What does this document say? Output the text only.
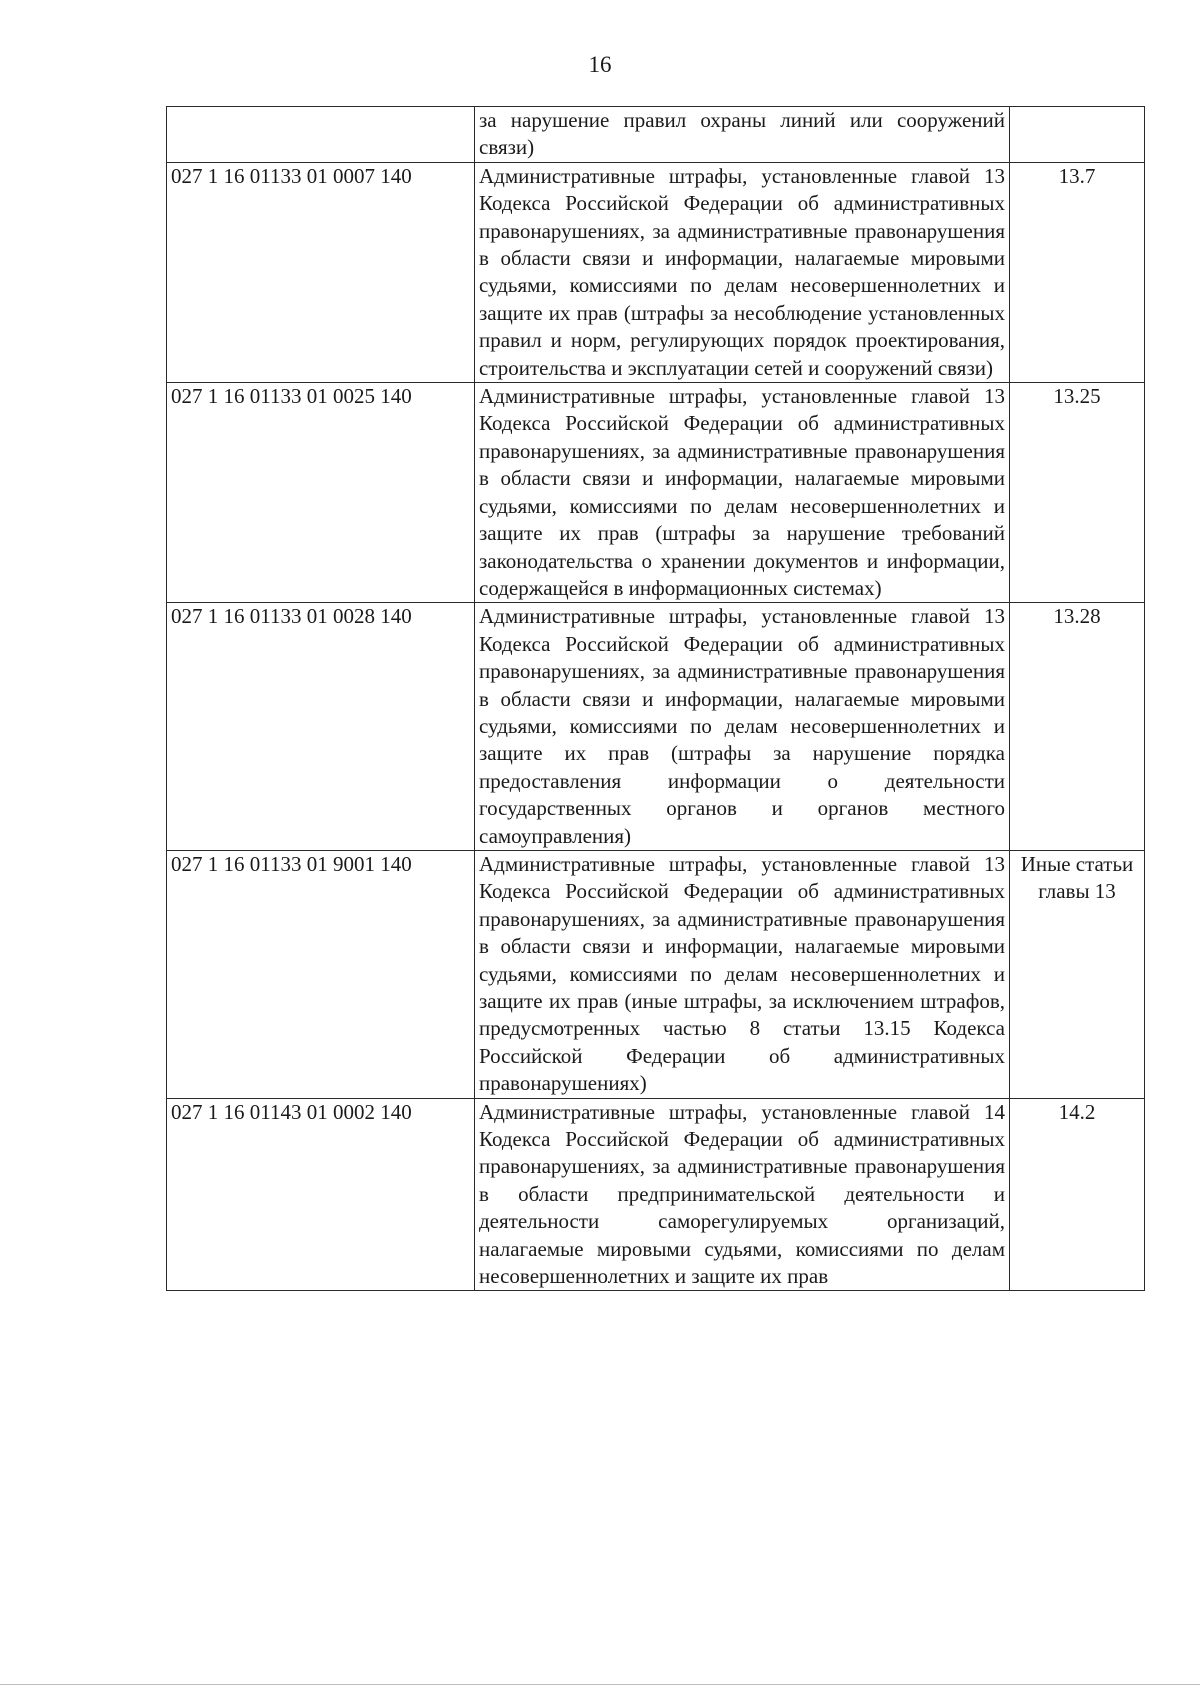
16
	за нарушение правил охраны линий или сооружений связи)	
027 1 16 01133 01 0007 140	Административные штрафы, установленные главой 13 Кодекса Российской Федерации об административных правонарушениях, за административные правонарушения в области связи и информации, налагаемые мировыми судьями, комиссиями по делам несовершеннолетних и защите их прав (штрафы за несоблюдение установленных правил и норм, регулирующих порядок проектирования, строительства и эксплуатации сетей и сооружений связи)	13.7
027 1 16 01133 01 0025 140	Административные штрафы, установленные главой 13 Кодекса Российской Федерации об административных правонарушениях, за административные правонарушения в области связи и информации, налагаемые мировыми судьями, комиссиями по делам несовершеннолетних и защите их прав (штрафы за нарушение требований законодательства о хранении документов и информации, содержащейся в информационных системах)	13.25
027 1 16 01133 01 0028 140	Административные штрафы, установленные главой 13 Кодекса Российской Федерации об административных правонарушениях, за административные правонарушения в области связи и информации, налагаемые мировыми судьями, комиссиями по делам несовершеннолетних и защите их прав (штрафы за нарушение порядка предоставления информации о деятельности государственных органов и органов местного самоуправления)	13.28
027 1 16 01133 01 9001 140	Административные штрафы, установленные главой 13 Кодекса Российской Федерации об административных правонарушениях, за административные правонарушения в области связи и информации, налагаемые мировыми судьями, комиссиями по делам несовершеннолетних и защите их прав (иные штрафы, за исключением штрафов, предусмотренных частью 8 статьи 13.15 Кодекса Российской Федерации об административных правонарушениях)	Иные статьи главы 13
027 1 16 01143 01 0002 140	Административные штрафы, установленные главой 14 Кодекса Российской Федерации об административных правонарушениях, за административные правонарушения в области предпринимательской деятельности и деятельности саморегулируемых организаций, налагаемые мировыми судьями, комиссиями по делам несовершеннолетних и защите их прав	14.2
